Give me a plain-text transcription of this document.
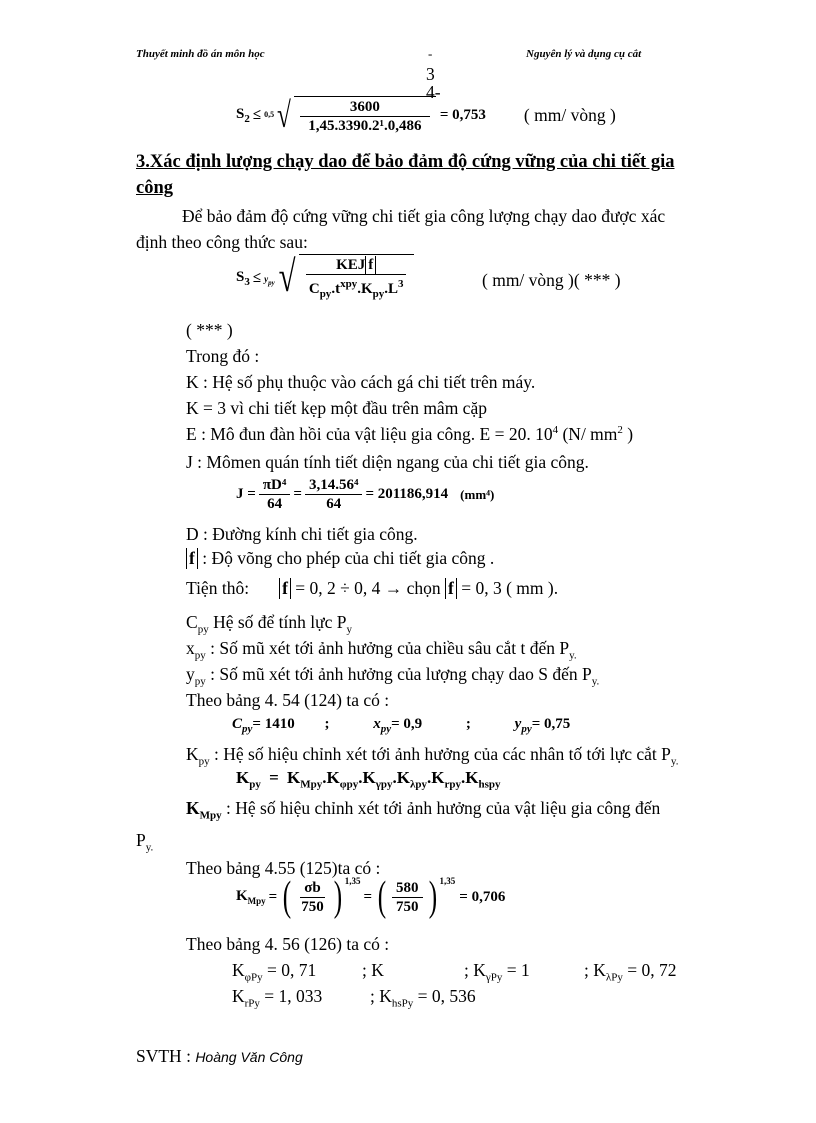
Thuyết minh đồ án môn học	-
3
4-
Nguyên lý và dụng cụ cắt
$S_2 \le 0,5$ √ $\frac{3600}{\text{1,45.3390.2¹.0,486}} = 0,753$ ( mm/ vòng )
3.Xác định lượng chạy dao để bảo đảm độ cứng vững của chi tiết gia
công
Để bảo đảm độ cứng vững chi tiết gia công lượng chạy dao được xác
định theo công thức sau:
$S_3 \le y_{py}$ √ $\frac{\text{KEJ f}}{C_{py}.t^{xpy}.K_{py}.L^3}$	( mm/ vòng )( *** )
( *** )
Trong đó :
K : Hệ số phụ thuộc vào cách gá chi tiết trên máy.
K = 3 vì chi tiết kẹp một đầu trên mâm cặp
E : Mô đun đàn hồi của vật liệu gia công. E = 20. $10^4$ (N/ $mm^2$ )
J : Mômen quán tính tiết diện ngang của chi tiết gia công.
$J = \frac{\text{πD⁴}}{64} = \frac{\text{3,14.56⁴}}{64} = 201186,914$ (mm⁴)
D : Đường kính chi tiết gia công.
f : Độ võng cho phép của chi tiết gia công .
Tiện thô: f = 0, 2 ÷ 0, 4 → chọn f = 0, 3 ( mm ).
$C_{py}$ Hệ số để tính lực $P_y$
$x_{py}$ : Số mũ xét tới ảnh hưởng của chiều sâu cắt t đến $P_{y.}$
$y_{py}$ : Số mũ xét tới ảnh hưởng của lượng chạy dao S đến $P_{y.}$
Theo bảng 4. 54 (124) ta có :
$C_{py}= 1410$ ;	$x_{py}= 0,9$	;	$y_{py}= 0,75$
$K_{py}$ : Hệ số hiệu chỉnh xét tới ảnh hưởng của các nhân tố tới lực cắt $P_{y.}$
$K_{py} = K_{Mpy}.K_{\varphi py}.K_{\gamma py}.K_{\lambda py}.K_{rpy}.K_{hspy}$
$K_{Mpy}$ : Hệ số hiệu chỉnh xét tới ảnh hưởng của vật liệu gia công đến
$P_{y.}$
Theo bảng 4.55 (125)ta có :
$K_{Mpy}$ = ( $\frac{\sigma b}{750}$ ) $^{1,35}$
= ( $\frac{580}{750}$ ) $^{1,35}$
= 0,706
Theo bảng 4. 56 (126) ta có :
$K_{\varphi Py} = 0$, 71	; K	; $K_{\gamma Py} = 1$	; $K_{\lambda Py} = 0$, 72
$K_{rPy} = 1$, 033	; $K_{hsPy} = 0$, 536
SVTH : Hoàng Văn Công
